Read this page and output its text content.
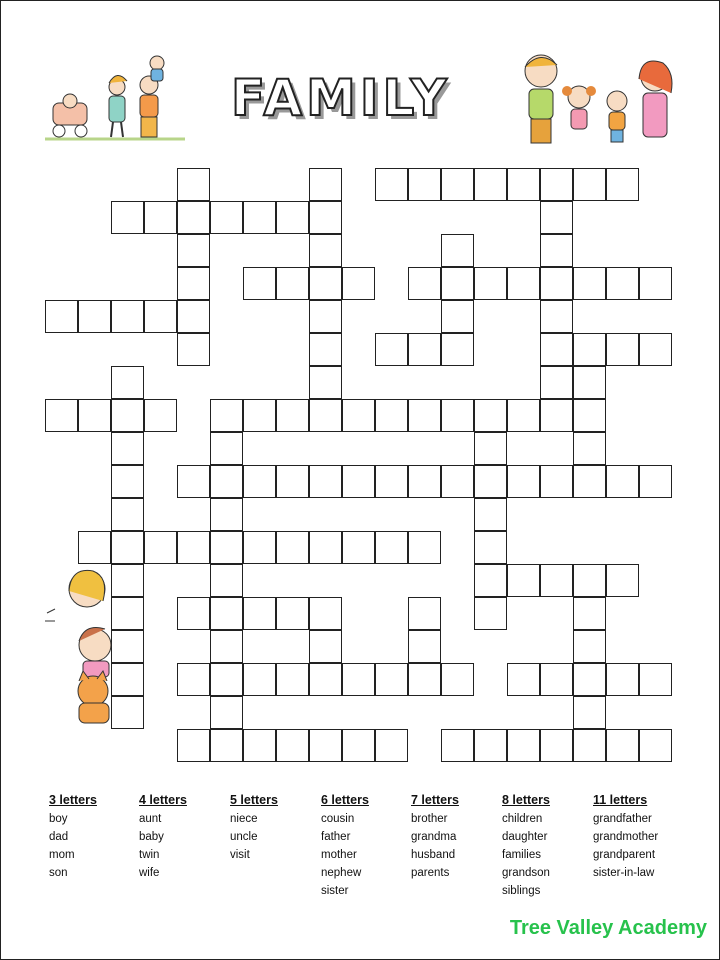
FAMILY
3 letters
boy
dad
mom
son
4 letters
aunt
baby
twin
wife
5 letters
niece
uncle
visit
6 letters
cousin
father
mother
nephew
sister
7 letters
brother
grandma
husband
parents
8 letters
children
daughter
families
grandson
siblings
11 letters
grandfather
grandmother
grandparent
sister-in-law
Tree Valley Academy
